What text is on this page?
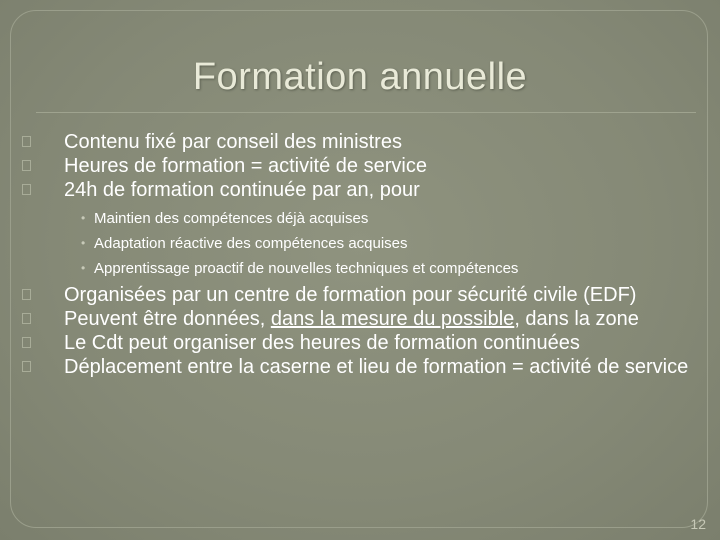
Formation annuelle
Contenu fixé par conseil des ministres
Heures de formation = activité de service
24h de formation continuée par an, pour
• Maintien des compétences déjà acquises
• Adaptation réactive des compétences acquises
• Apprentissage proactif de nouvelles techniques et compétences
Organisées par un centre de formation pour sécurité civile (EDF)
Peuvent être données, dans la mesure du possible, dans la zone
Le Cdt peut organiser des heures de formation continuées
Déplacement entre la caserne et lieu de formation = activité de service
12
